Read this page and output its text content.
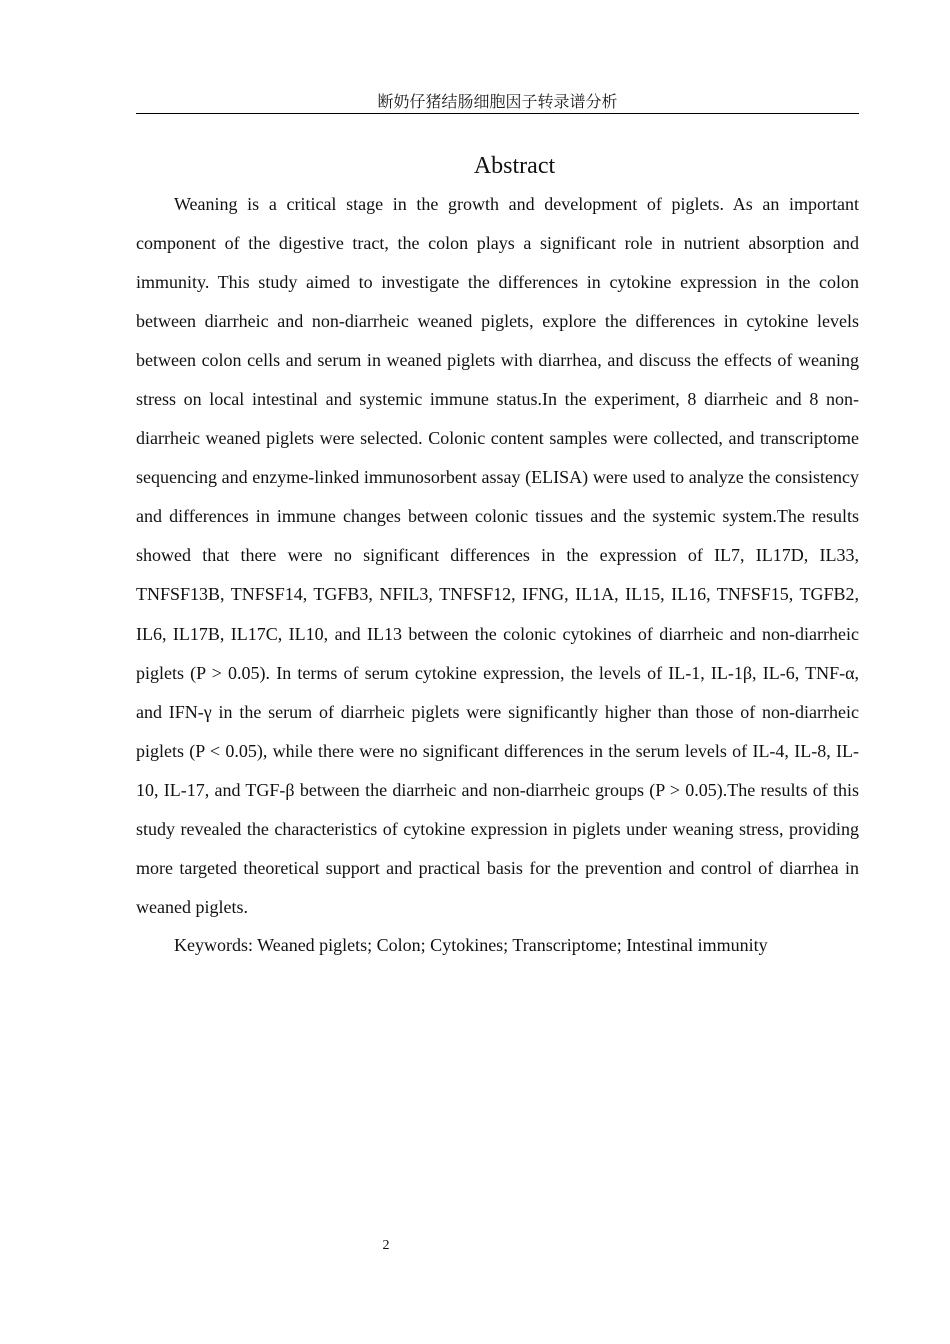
断奶仔猪结肠细胞因子转录谱分析
Abstract

Weaning is a critical stage in the growth and development of piglets. As an important component of the digestive tract, the colon plays a significant role in nutrient absorption and immunity. This study aimed to investigate the differences in cytokine expression in the colon between diarrheic and non-diarrheic weaned piglets, explore the differences in cytokine levels between colon cells and serum in weaned piglets with diarrhea, and discuss the effects of weaning stress on local intestinal and systemic immune status.In the experiment, 8 diarrheic and 8 non-diarrheic weaned piglets were selected. Colonic content samples were collected, and transcriptome sequencing and enzyme-linked immunosorbent assay (ELISA) were used to analyze the consistency and differences in immune changes between colonic tissues and the systemic system.The results showed that there were no significant differences in the expression of IL7, IL17D, IL33, TNFSF13B, TNFSF14, TGFB3, NFIL3, TNFSF12, IFNG, IL1A, IL15, IL16, TNFSF15, TGFB2, IL6, IL17B, IL17C, IL10, and IL13 between the colonic cytokines of diarrheic and non-diarrheic piglets (P > 0.05). In terms of serum cytokine expression, the levels of IL-1, IL-1β, IL-6, TNF-α, and IFN-γ in the serum of diarrheic piglets were significantly higher than those of non-diarrheic piglets (P < 0.05), while there were no significant differences in the serum levels of IL-4, IL-8, IL-10, IL-17, and TGF-β between the diarrheic and non-diarrheic groups (P > 0.05).The results of this study revealed the characteristics of cytokine expression in piglets under weaning stress, providing more targeted theoretical support and practical basis for the prevention and control of diarrhea in weaned piglets.

Keywords: Weaned piglets; Colon; Cytokines; Transcriptome; Intestinal immunity

2
